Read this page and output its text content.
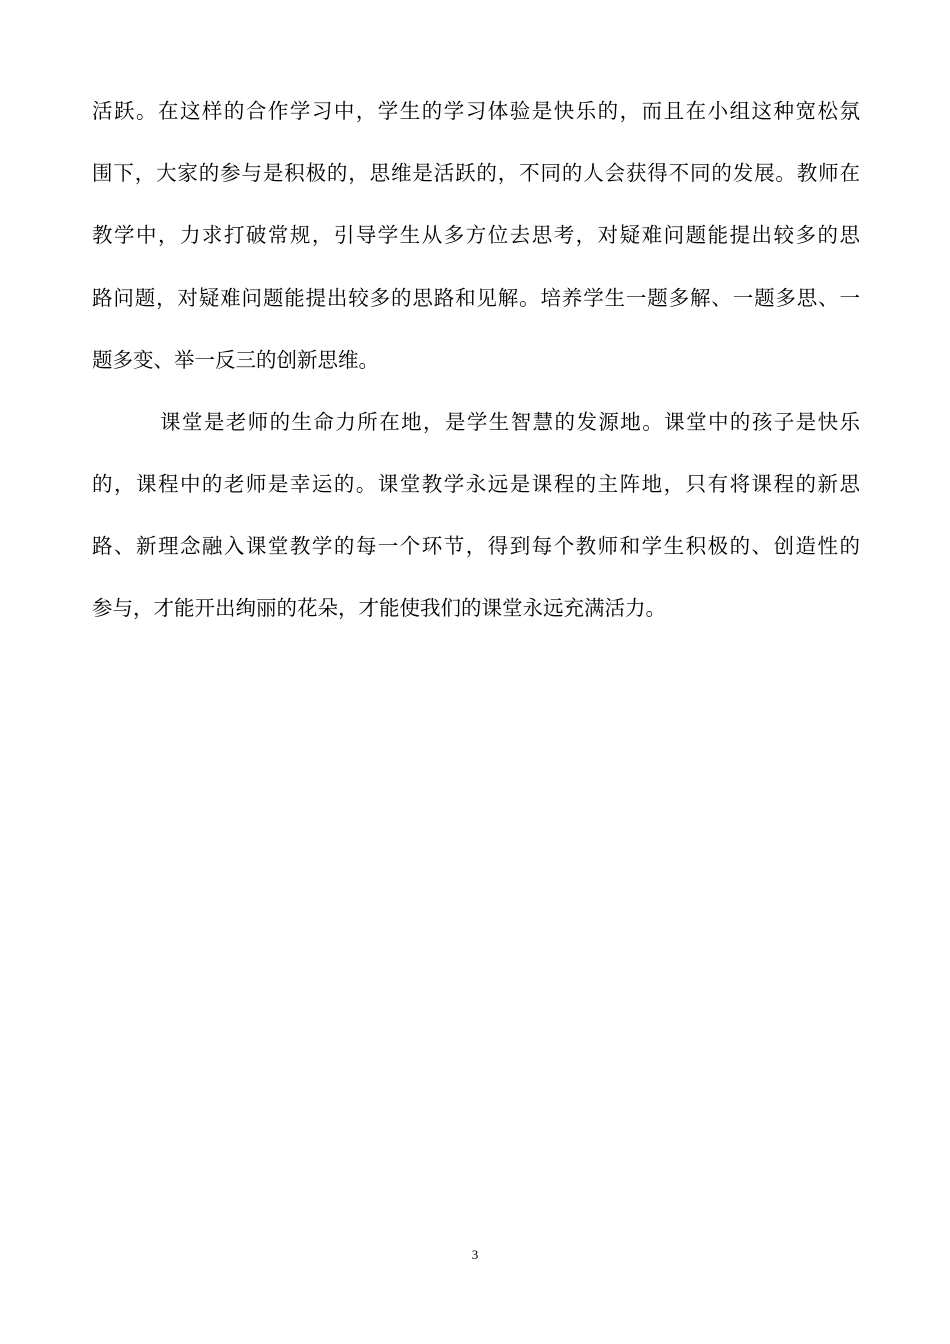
活跃。在这样的合作学习中，学生的学习体验是快乐的，而且在小组这种宽松氛
围下，大家的参与是积极的，思维是活跃的，不同的人会获得不同的发展。教师在
教学中，力求打破常规，引导学生从多方位去思考，对疑难问题能提出较多的思
路问题，对疑难问题能提出较多的思路和见解。培养学生一题多解、一题多思、一
题多变、举一反三的创新思维。
课堂是老师的生命力所在地，是学生智慧的发源地。课堂中的孩子是快乐
的，课程中的老师是幸运的。课堂教学永远是课程的主阵地，只有将课程的新思
路、新理念融入课堂教学的每一个环节，得到每个教师和学生积极的、创造性的
参与，才能开出绚丽的花朵，才能使我们的课堂永远充满活力。
3
